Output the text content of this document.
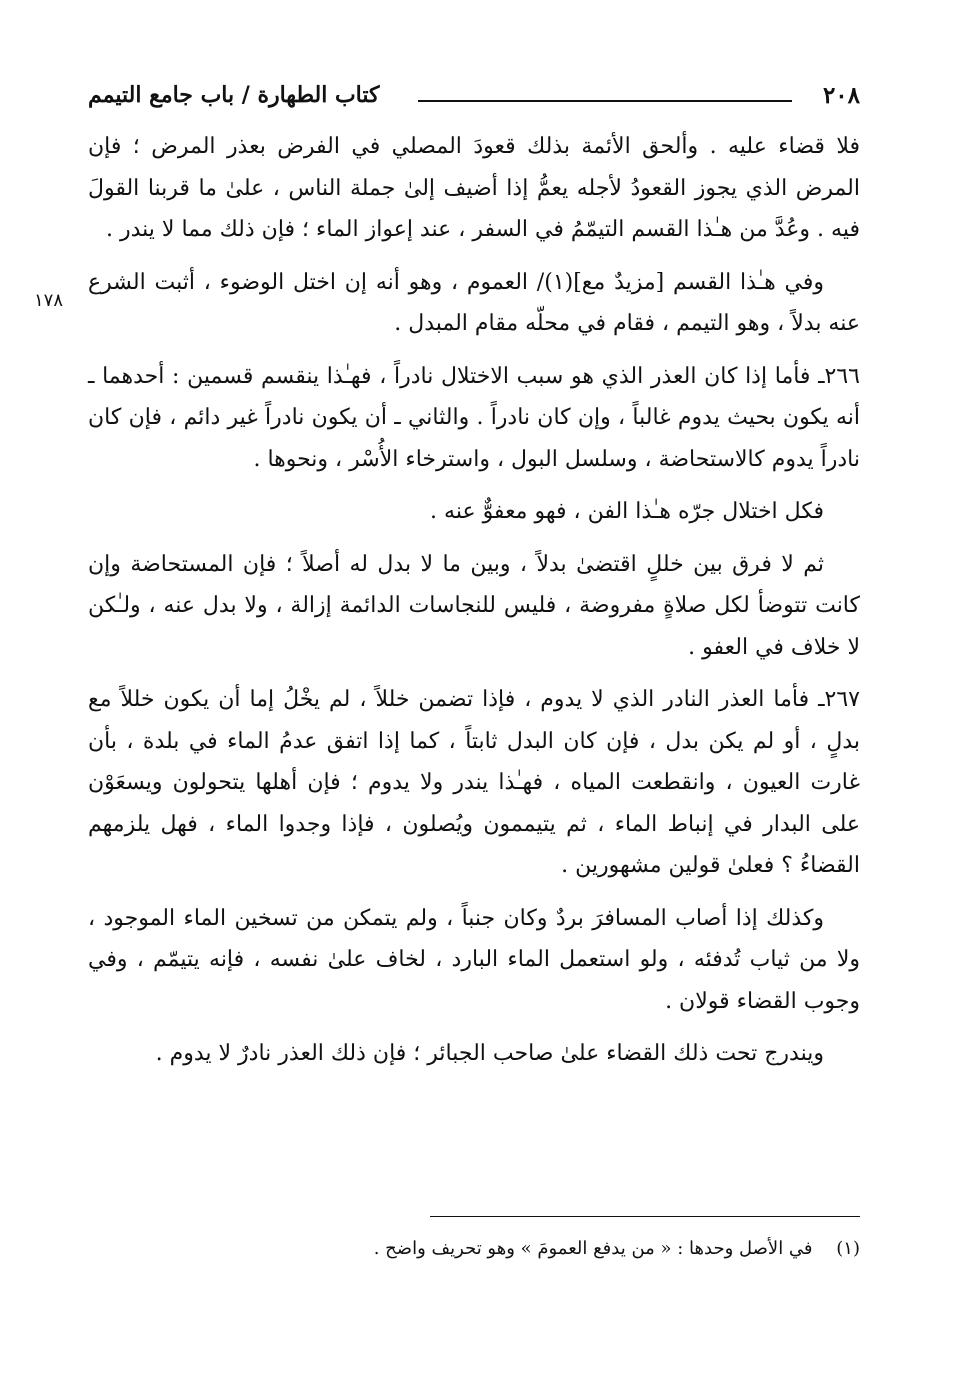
٢٠٨
كتاب الطهارة / باب جامع التيمم
١٧٨

فلا قضاء عليه . وألحق الأئمة بذلك قعودَ المصلي في الفرض بعذر المرض ؛ فإن المرض الذي يجوز القعودُ لأجله يعمُّ إذا أضيف إلىٰ جملة الناس ، علىٰ ما قربنا القولَ فيه . وعُدَّ من هـٰذا القسم التيمّمُ في السفر ، عند إعواز الماء ؛ فإن ذلك مما لا يندر .

وفي هـٰذا القسم [مزيدٌ مع](١)/ العموم ، وهو أنه إن اختل الوضوء ، أثبت الشرع عنه بدلاً ، وهو التيمم ، فقام في محلّه مقام المبدل .

٢٦٦ـ فأما إذا كان العذر الذي هو سبب الاختلال نادراً ، فهـٰذا ينقسم قسمين : أحدهما ـ أنه يكون بحيث يدوم غالباً ، وإن كان نادراً . والثاني ـ أن يكون نادراً غير دائم ، فإن كان نادراً يدوم كالاستحاضة ، وسلسل البول ، واسترخاء الأُسْر ، ونحوها .

فكل اختلال جرّه هـٰذا الفن ، فهو معفوٌّ عنه .

ثم لا فرق بين خللٍ اقتضىٰ بدلاً ، وبين ما لا بدل له أصلاً ؛ فإن المستحاضة وإن كانت تتوضأ لكل صلاةٍ مفروضة ، فليس للنجاسات الدائمة إزالة ، ولا بدل عنه ، ولـٰكن لا خلاف في العفو .

٢٦٧ـ فأما العذر النادر الذي لا يدوم ، فإذا تضمن خللاً ، لم يخْلُ إما أن يكون خللاً مع بدلٍ ، أو لم يكن بدل ، فإن كان البدل ثابتاً ، كما إذا اتفق عدمُ الماء في بلدة ، بأن غارت العيون ، وانقطعت المياه ، فهـٰذا يندر ولا يدوم ؛ فإن أهلها يتحولون ويسعَوْن على البدار في إنباط الماء ، ثم يتيممون ويُصلون ، فإذا وجدوا الماء ، فهل يلزمهم القضاءُ ؟ فعلىٰ قولين مشهورين .

وكذلك إذا أصاب المسافرَ بردٌ وكان جنباً ، ولم يتمكن من تسخين الماء الموجود ، ولا من ثياب تُدفئه ، ولو استعمل الماء البارد ، لخاف علىٰ نفسه ، فإنه يتيمّم ، وفي وجوب القضاء قولان .

ويندرج تحت ذلك القضاء علىٰ صاحب الجبائر ؛ فإن ذلك العذر نادرٌ لا يدوم .

(١) في الأصل وحدها : « من يدفع العمومَ » وهو تحريف واضح .
